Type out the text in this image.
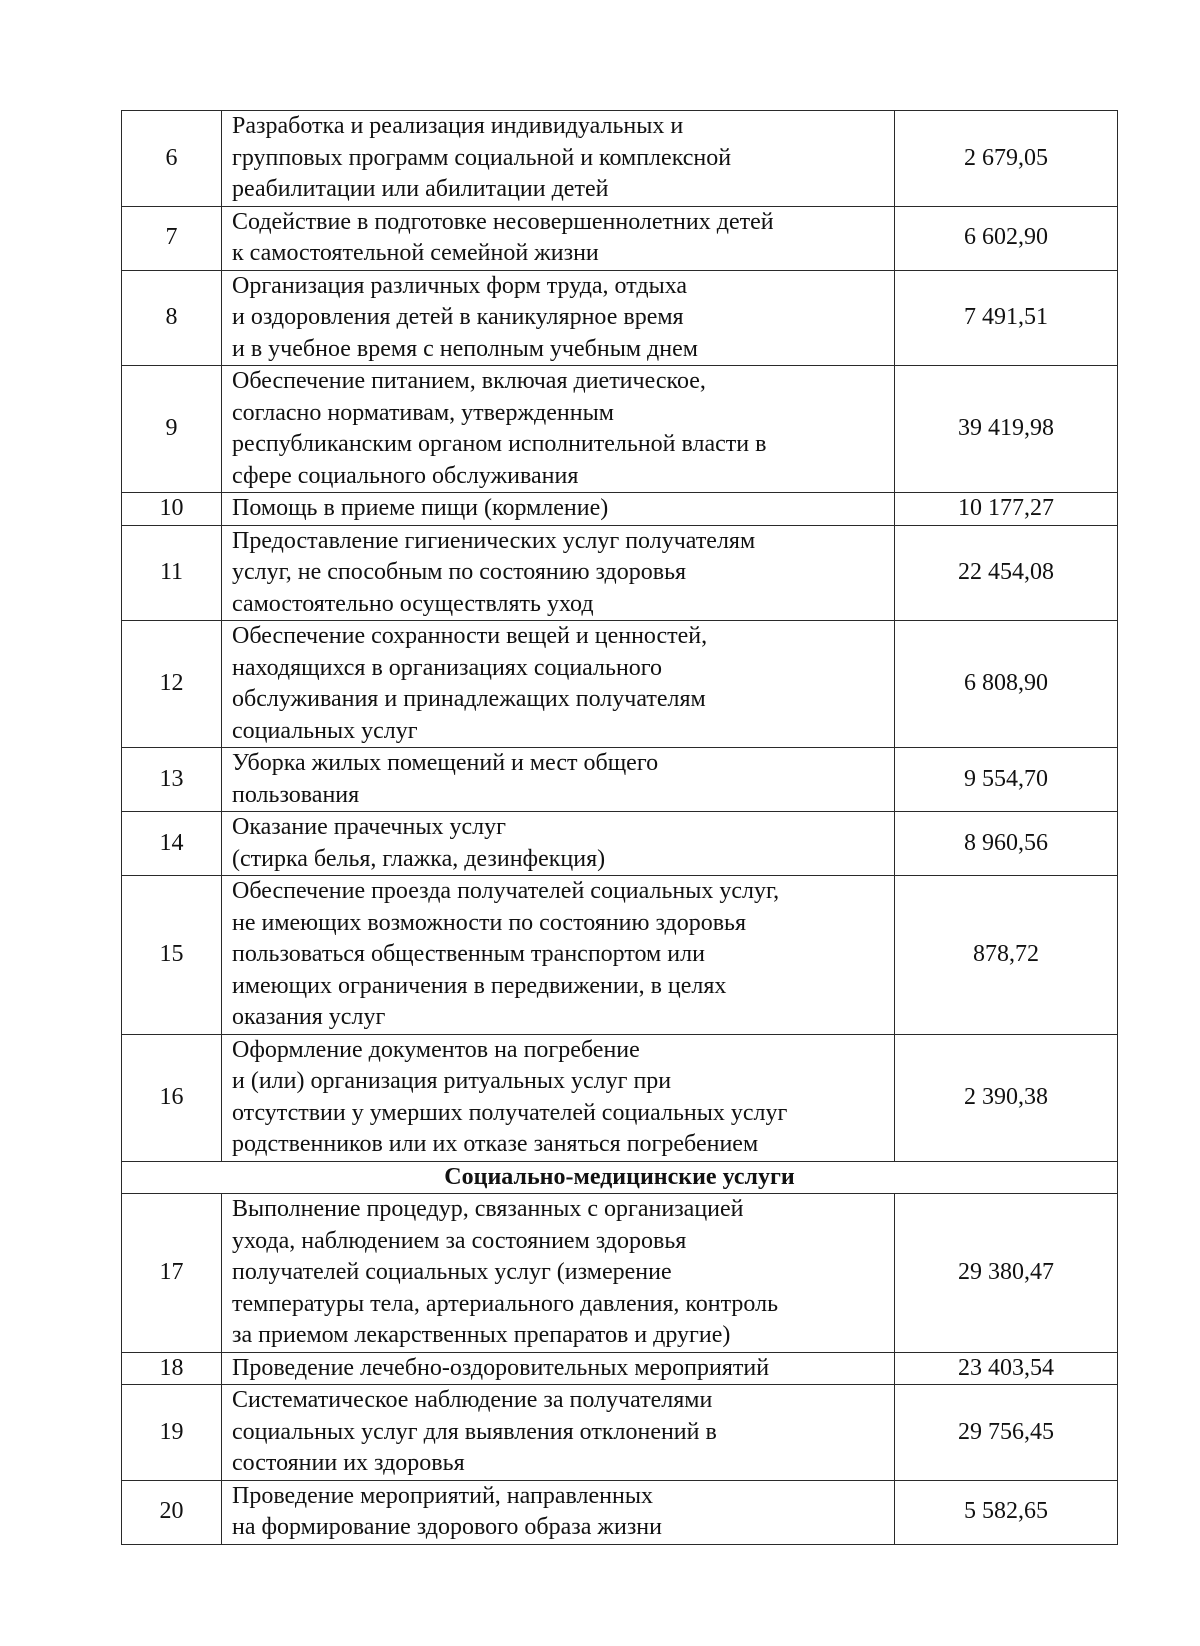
6	Разработка и реализация индивидуальных и
групповых программ социальной и комплексной
реабилитации или абилитации детей	2 679,05
7	Содействие в подготовке несовершеннолетних детей
к самостоятельной семейной жизни	6 602,90
8	Организация различных форм труда, отдыха
и оздоровления детей в каникулярное время
и в учебное время с неполным учебным днем	7 491,51
9	Обеспечение питанием, включая диетическое,
согласно нормативам, утвержденным
республиканским органом исполнительной власти в
сфере социального обслуживания	39 419,98
10	Помощь в приеме пищи (кормление)	10 177,27
11	Предоставление гигиенических услуг получателям
услуг, не способным по состоянию здоровья
самостоятельно осуществлять уход	22 454,08
12	Обеспечение сохранности вещей и ценностей,
находящихся в организациях социального
обслуживания и принадлежащих получателям
социальных услуг	6 808,90
13	Уборка жилых помещений и мест общего
пользования	9 554,70
14	Оказание прачечных услуг
(стирка белья, глажка, дезинфекция)	8 960,56
15	Обеспечение проезда получателей социальных услуг,
не имеющих возможности по состоянию здоровья
пользоваться общественным транспортом или
имеющих ограничения в передвижении, в целях
оказания услуг	878,72
16	Оформление документов на погребение
и (или) организация ритуальных услуг при
отсутствии у умерших получателей социальных услуг
родственников или их отказе заняться погребением	2 390,38
Социально-медицинские услуги		
17	Выполнение процедур, связанных с организацией
ухода, наблюдением за состоянием здоровья
получателей социальных услуг (измерение
температуры тела, артериального давления, контроль
за приемом лекарственных препаратов и другие)	29 380,47
18	Проведение лечебно-оздоровительных мероприятий	23 403,54
19	Систематическое наблюдение за получателями
социальных услуг для выявления отклонений в
состоянии их здоровья	29 756,45
20	Проведение мероприятий, направленных
на формирование здорового образа жизни	5 582,65
